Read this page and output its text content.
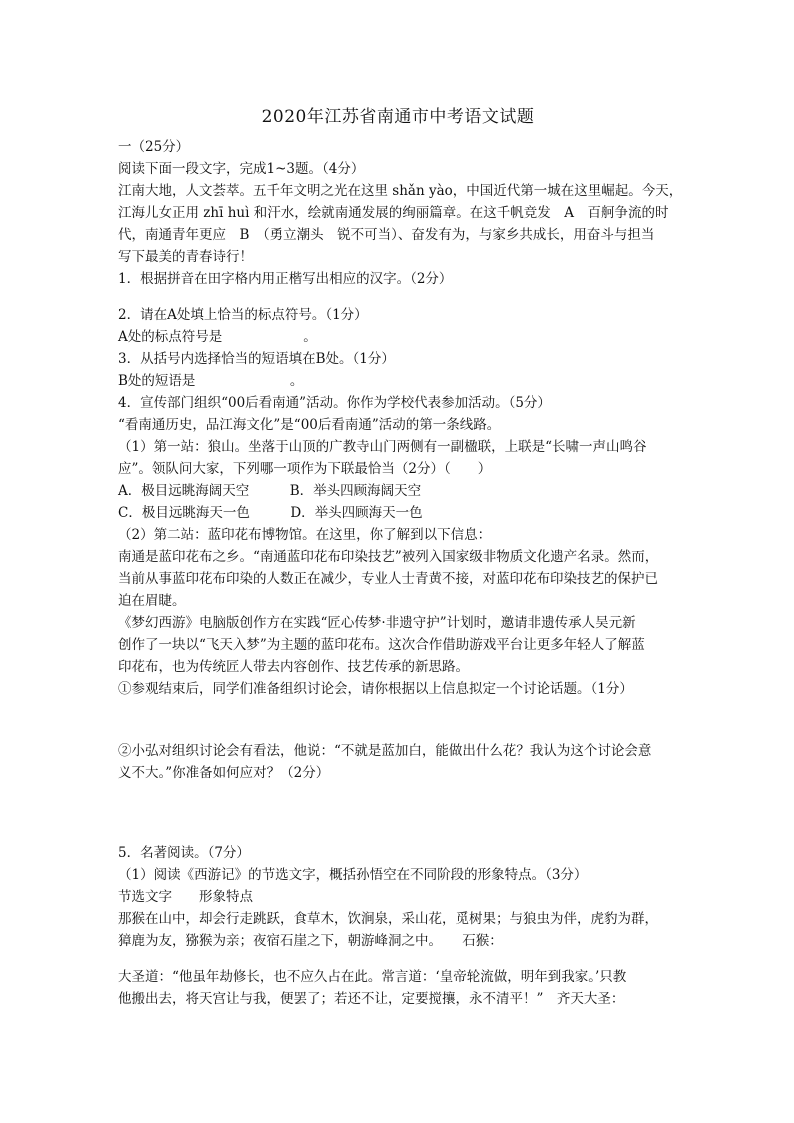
2020年江苏省南通市中考语文试题
一（25分）
阅读下面一段文字，完成1~3题。（4分）
江南大地，人文荟萃。五千年文明之光在这里 shǎn yào，中国近代第一城在这里崛起。今天，
江海儿女正用 zhī huì 和汗水，绘就南通发展的绚丽篇章。在这千帆竞发　A　百舸争流的时
代，南通青年更应　B　（勇立潮头　锐不可当）、奋发有为，与家乡共成长，用奋斗与担当
写下最美的青春诗行！
1．根据拼音在田字格内用正楷写出相应的汉字。（2分）
2．请在A处填上恰当的标点符号。（1分）
A处的标点符号是　　　　　　。
3．从括号内选择恰当的短语填在B处。（1分）
B处的短语是　　　　　　　。
4．宣传部门组织“00后看南通”活动。你作为学校代表参加活动。（5分）
“看南通历史，品江海文化”是“00后看南通”活动的第一条线路。
（1）第一站：狼山。坐落于山顶的广教寺山门两侧有一副楹联，上联是“长啸一声山鸣谷
应”。领队问大家，下列哪一项作为下联最恰当（2分）（　　）
A．极目远眺海阔天空　　　B．举头四顾海阔天空
C．极目远眺海天一色　　　D．举头四顾海天一色
（2）第二站：蓝印花布博物馆。在这里，你了解到以下信息：
南通是蓝印花布之乡。“南通蓝印花布印染技艺”被列入国家级非物质文化遗产名录。然而，
当前从事蓝印花布印染的人数正在减少，专业人士青黄不接，对蓝印花布印染技艺的保护已
迫在眉睫。
《梦幻西游》电脑版创作方在实践“匠心传梦·非遗守护”计划时，邀请非遗传承人吴元新
创作了一块以“飞天入梦”为主题的蓝印花布。这次合作借助游戏平台让更多年轻人了解蓝
印花布，也为传统匠人带去内容创作、技艺传承的新思路。
①参观结束后，同学们准备组织讨论会，请你根据以上信息拟定一个讨论话题。（1分）
②小弘对组织讨论会有看法，他说：“不就是蓝加白，能做出什么花？我认为这个讨论会意
义不大。”你准备如何应对？（2分）
5．名著阅读。（7分）
（1）阅读《西游记》的节选文字，概括孙悟空在不同阶段的形象特点。（3分）
节选文字　　形象特点
那猴在山中，却会行走跳跃，食草木，饮涧泉，采山花，觅树果；与狼虫为伴，虎豹为群，
獐鹿为友，猕猴为亲；夜宿石崖之下，朝游峰洞之中。　　石猴：
大圣道：“他虽年劫修长，也不应久占在此。常言道：‘皇帝轮流做，明年到我家。’只教
他搬出去，将天宫让与我，便罢了；若还不让，定要搅攘，永不清平！”　齐天大圣：
